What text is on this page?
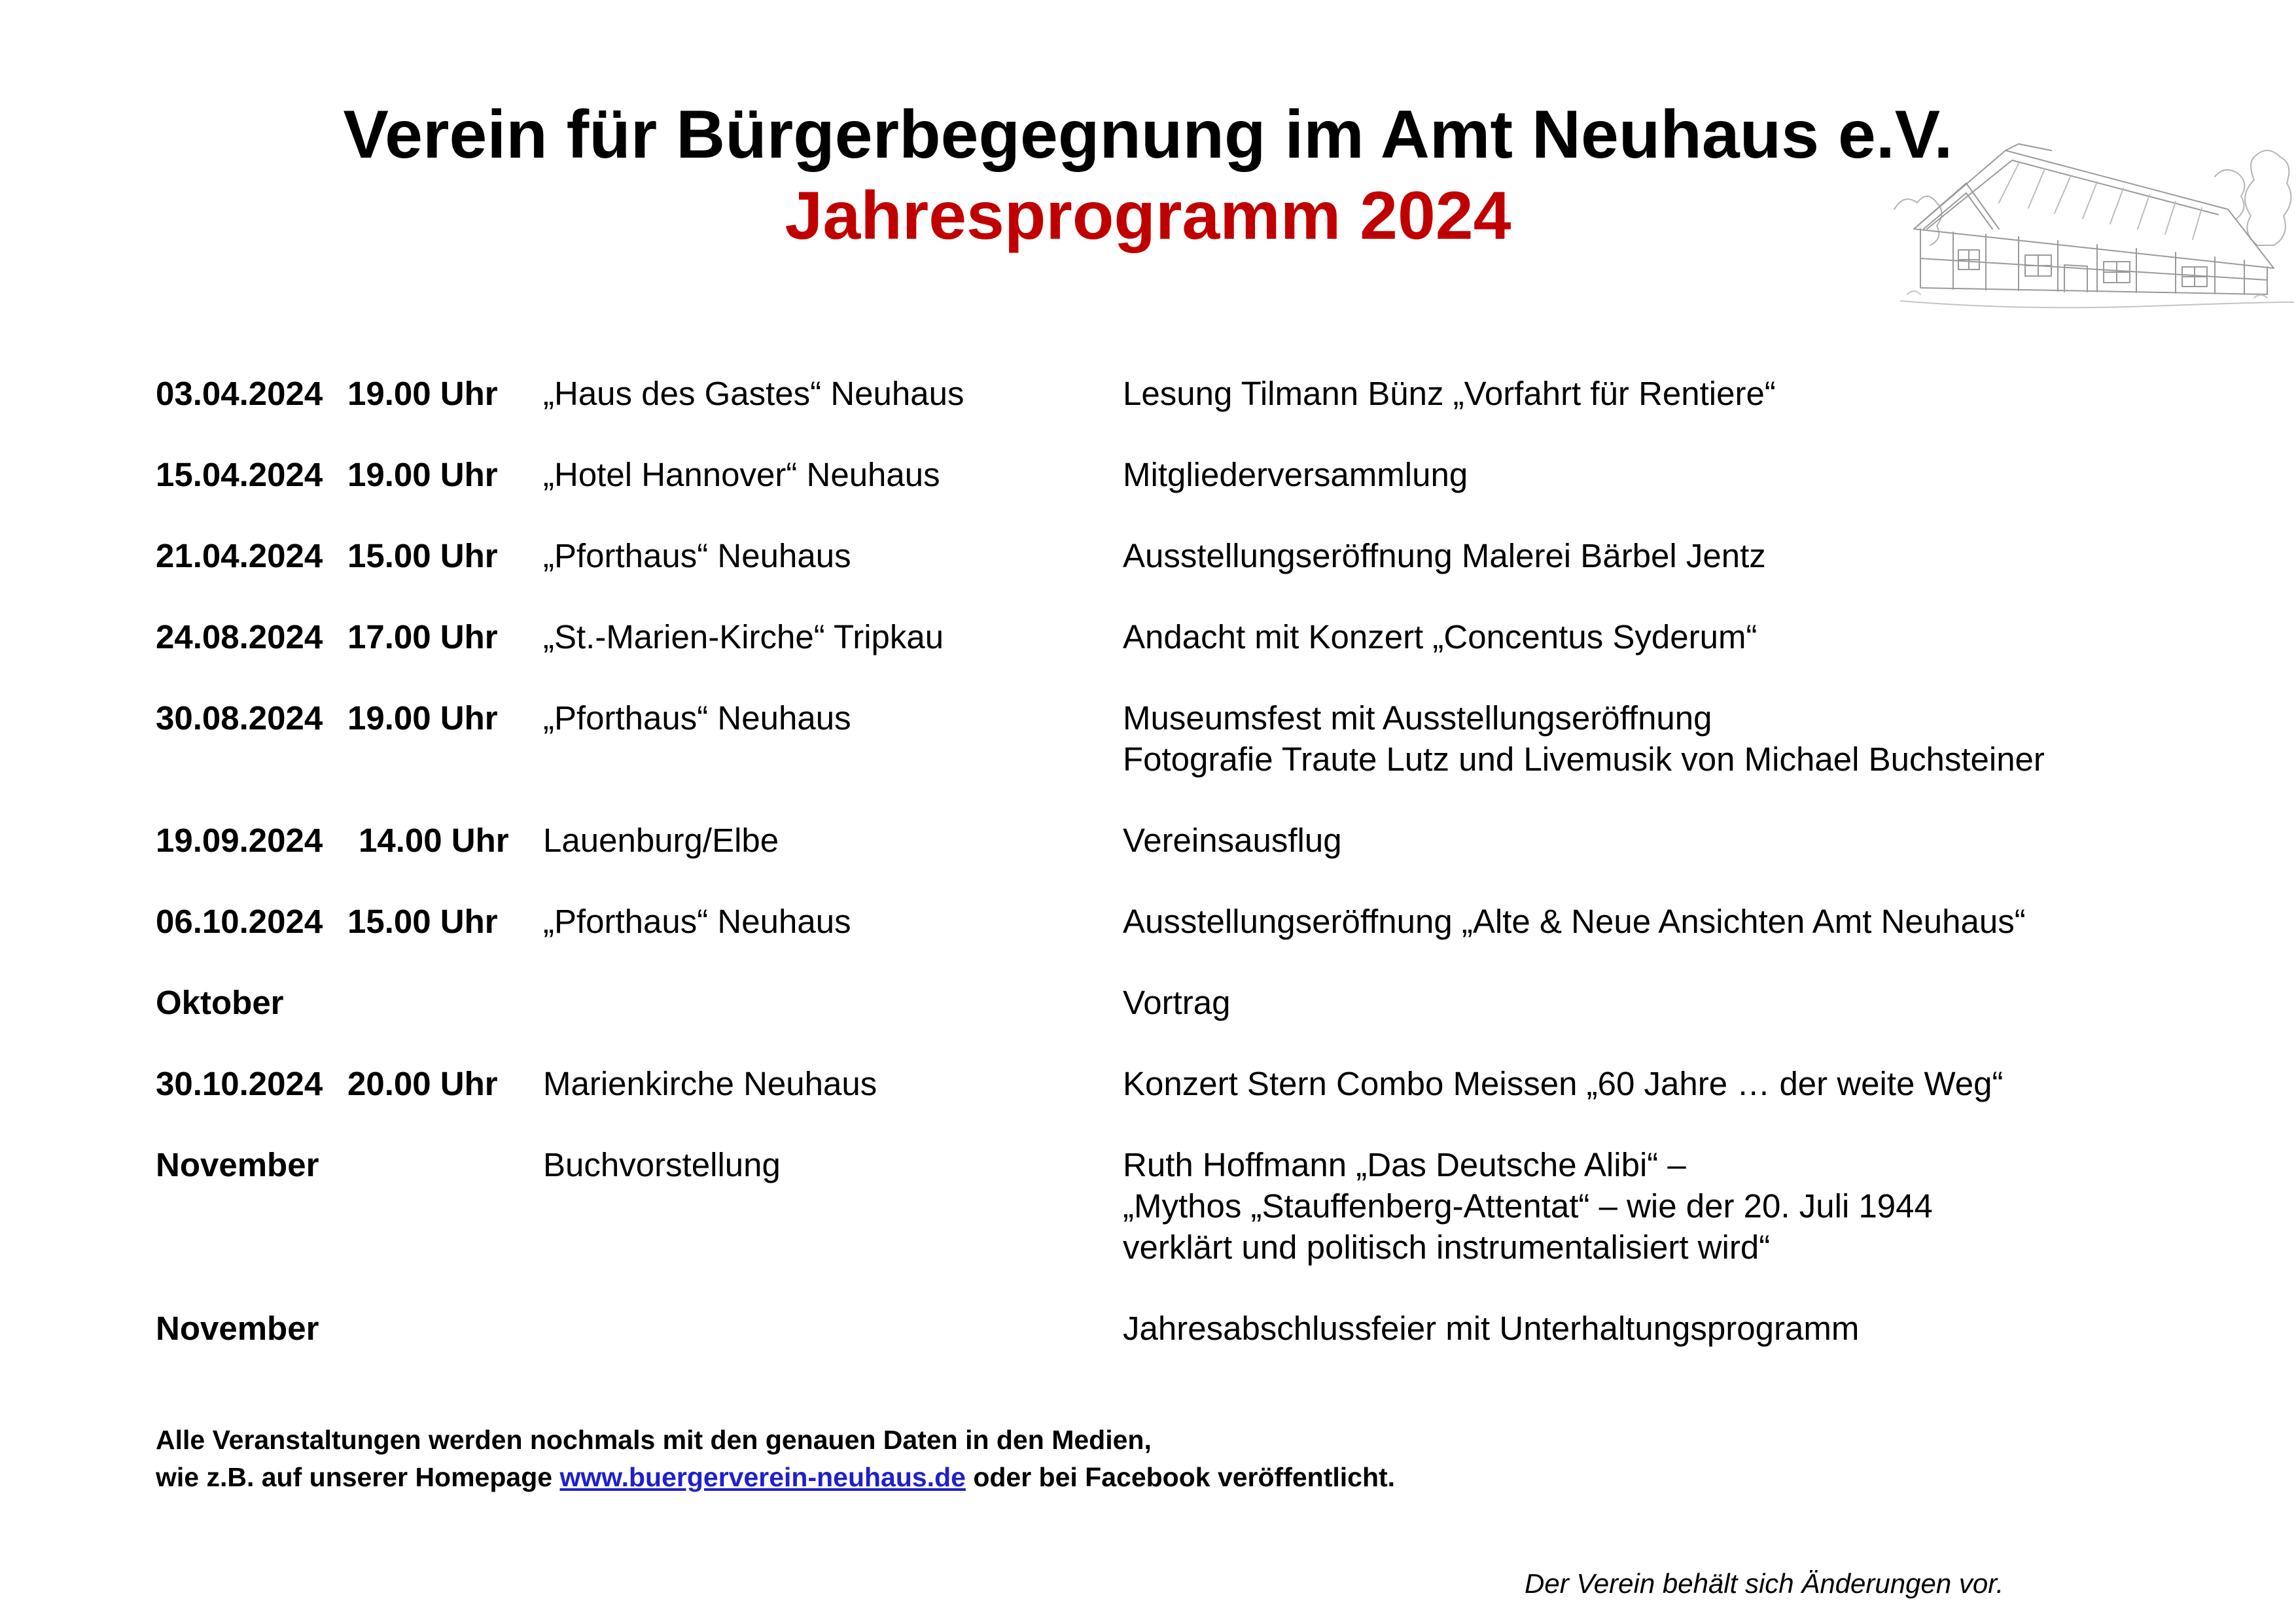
Verein für Bürgerbegegnung im Amt Neuhaus e.V.
Jahresprogramm 2024
03.04.2024 19.00 Uhr „Haus des Gastes“ Neuhaus	Lesung Tilmann Bünz „Vorfahrt für Rentiere“
15.04.2024 19.00 Uhr „Hotel Hannover“ Neuhaus	Mitgliederversammlung
21.04.2024 15.00 Uhr „Pforthaus“ Neuhaus	Ausstellungseröffnung Malerei Bärbel Jentz
24.08.2024 17.00 Uhr „St.-Marien-Kirche“ Tripkau	Andacht mit Konzert „Concentus Syderum“
30.08.2024 19.00 Uhr „Pforthaus“ Neuhaus	Museumsfest mit Ausstellungseröffnung
Fotografie Traute Lutz und Livemusik von Michael Buchsteiner
19.09.2024 14.00 Uhr Lauenburg/Elbe	Vereinsausflug
06.10.2024 15.00 Uhr „Pforthaus“ Neuhaus	Ausstellungseröffnung „Alte & Neue Ansichten Amt Neuhaus“
Oktober	Vortrag
30.10.2024 20.00 Uhr Marienkirche Neuhaus	Konzert Stern Combo Meissen „60 Jahre … der weite Weg“
November	Buchvorstellung	Ruth Hoffmann „Das Deutsche Alibi“ –
„Mythos „Stauffenberg-Attentat“ – wie der 20. Juli 1944
verklärt und politisch instrumentalisiert wird“
November	Jahresabschlussfeier mit Unterhaltungsprogramm
Alle Veranstaltungen werden nochmals mit den genauen Daten in den Medien,
wie z.B. auf unserer Homepage www.buergerverein-neuhaus.de oder bei Facebook veröffentlicht.
Der Verein behält sich Änderungen vor.
